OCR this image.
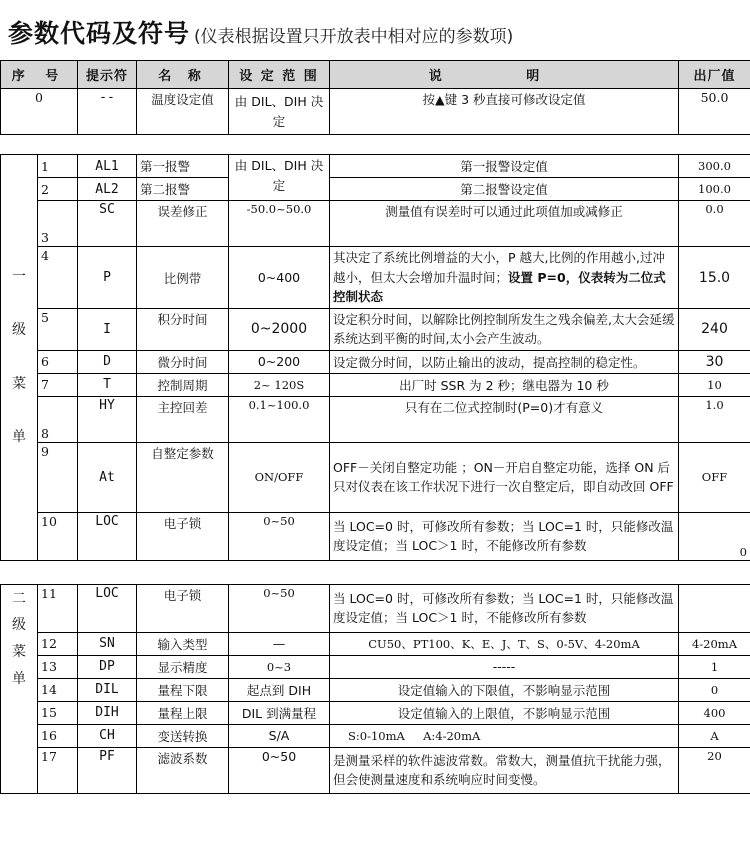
参数代码及符号 (仪表根据设置只开放表中相对应的参数项)
序 号		提示符	名 称	设 定 范 围	说 明	出厂值
0		--	温度设定值	由 DIL、DIH 决定	按▲键 3 秒直接可修改设定值	50.0

一

级

菜

单	1	AL1	第一报警	由 DIL、DIH 决定	第一报警设定值	300.0
	2	AL2	第二报警		第二报警设定值	100.0
	3	SC	误差修正	-50.0~50.0	测量值有误差时可以通过此项值加或减修正	0.0
	4	P	比例带	0~400	其决定了系统比例增益的大小，P 越大,比例的作用越小,过冲越小，但太大会增加升温时间；设置 P=0，仪表转为二位式控制状态	15.0
	5	I	积分时间	0~2000	设定积分时间，以解除比例控制所发生之残余偏差,太大会延缓系统达到平衡的时间,太小会产生波动。	240
	6	D	微分时间	0~200	设定微分时间，以防止输出的波动，提高控制的稳定性。	30
	7	T	控制周期	2~ 120S	出厂时 SSR 为 2 秒；继电器为 10 秒	10
	8	HY	主控回差	0.1~100.0	只有在二位式控制时(P=0)才有意义	1.0
	9	At	自整定参数	ON/OFF	OFF－关闭自整定功能 ；ON－开启自整定功能，选择 ON 后只对仪表在该工作状况下进行一次自整定后，即自动改回 OFF	OFF
	10	LOC	电子锁	0~50	当 LOC=0 时，可修改所有参数；当 LOC=1 时，只能修改温度设定值；当 LOC＞1 时，不能修改所有参数	0

二
级
菜
单	11	LOC	电子锁	0~50	当 LOC=0 时，可修改所有参数；当 LOC=1 时，只能修改温度设定值；当 LOC＞1 时，不能修改所有参数	
	12	SN	输入类型	—	CU50、PT100、K、E、J、T、S、0-5V、4-20mA	4-20mA
	13	DP	显示精度	0~3	-----	1
	14	DIL	量程下限	起点到 DIH	设定值输入的下限值，不影响显示范围	0
	15	DIH	量程上限	DIL 到满量程	设定值输入的上限值，不影响显示范围	400
	16	CH	变送转换	S/A	S:0-10mA     A:4-20mA	A
	17	PF	滤波系数	0~50	是测量采样的软件滤波常数。常数大，测量值抗干扰能力强，但会使测量速度和系统响应时间变慢。	20
